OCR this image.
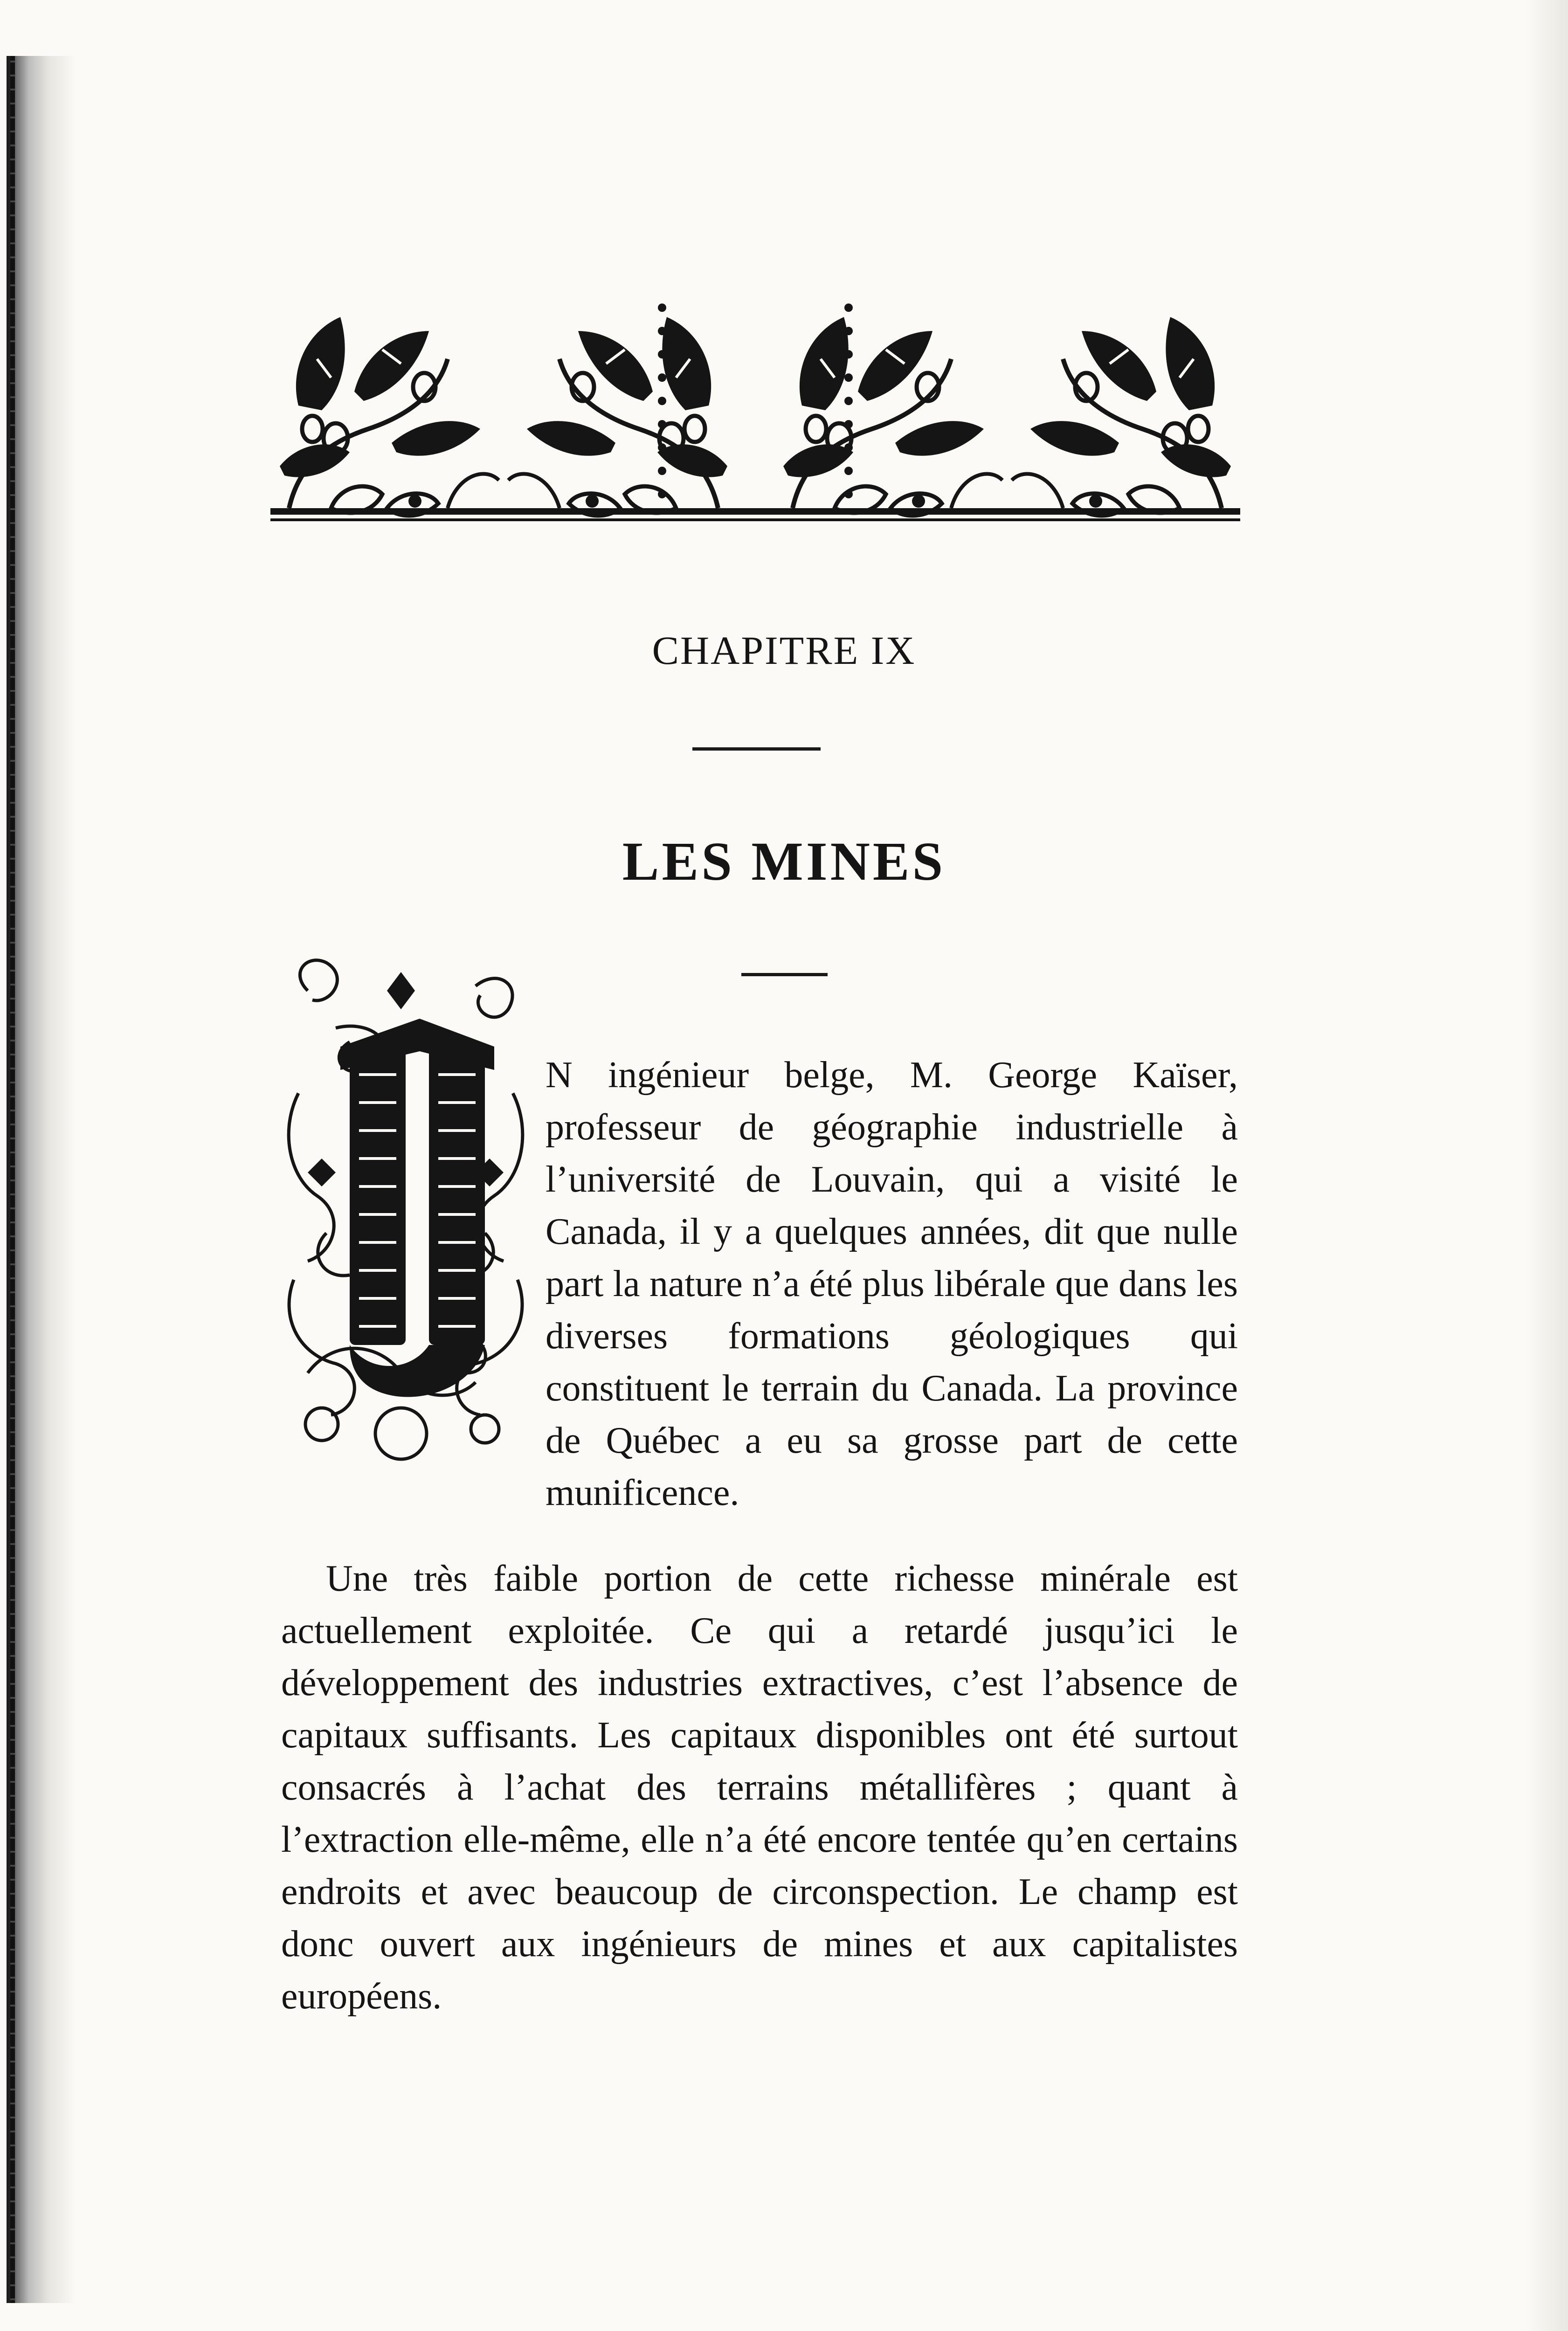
CHAPITRE IX
LES MINES

N ingénieur belge, M. George Kaïser, professeur de géographie industrielle à l’université de Louvain, qui a visité le Canada, il y a quelques années, dit que nulle part la nature n’a été plus libérale que dans les diverses formations géologiques qui constituent le terrain du Canada. La province de Québec a eu sa grosse part de cette munificence.

Une très faible portion de cette richesse minérale est actuellement exploitée. Ce qui a retardé jusqu’ici le développement des industries extractives, c’est l’absence de capitaux suffisants. Les capitaux disponibles ont été surtout consacrés à l’achat des terrains métallifères ; quant à l’extraction elle-même, elle n’a été encore tentée qu’en certains endroits et avec beaucoup de circonspection. Le champ est donc ouvert aux ingénieurs de mines et aux capitalistes européens.
